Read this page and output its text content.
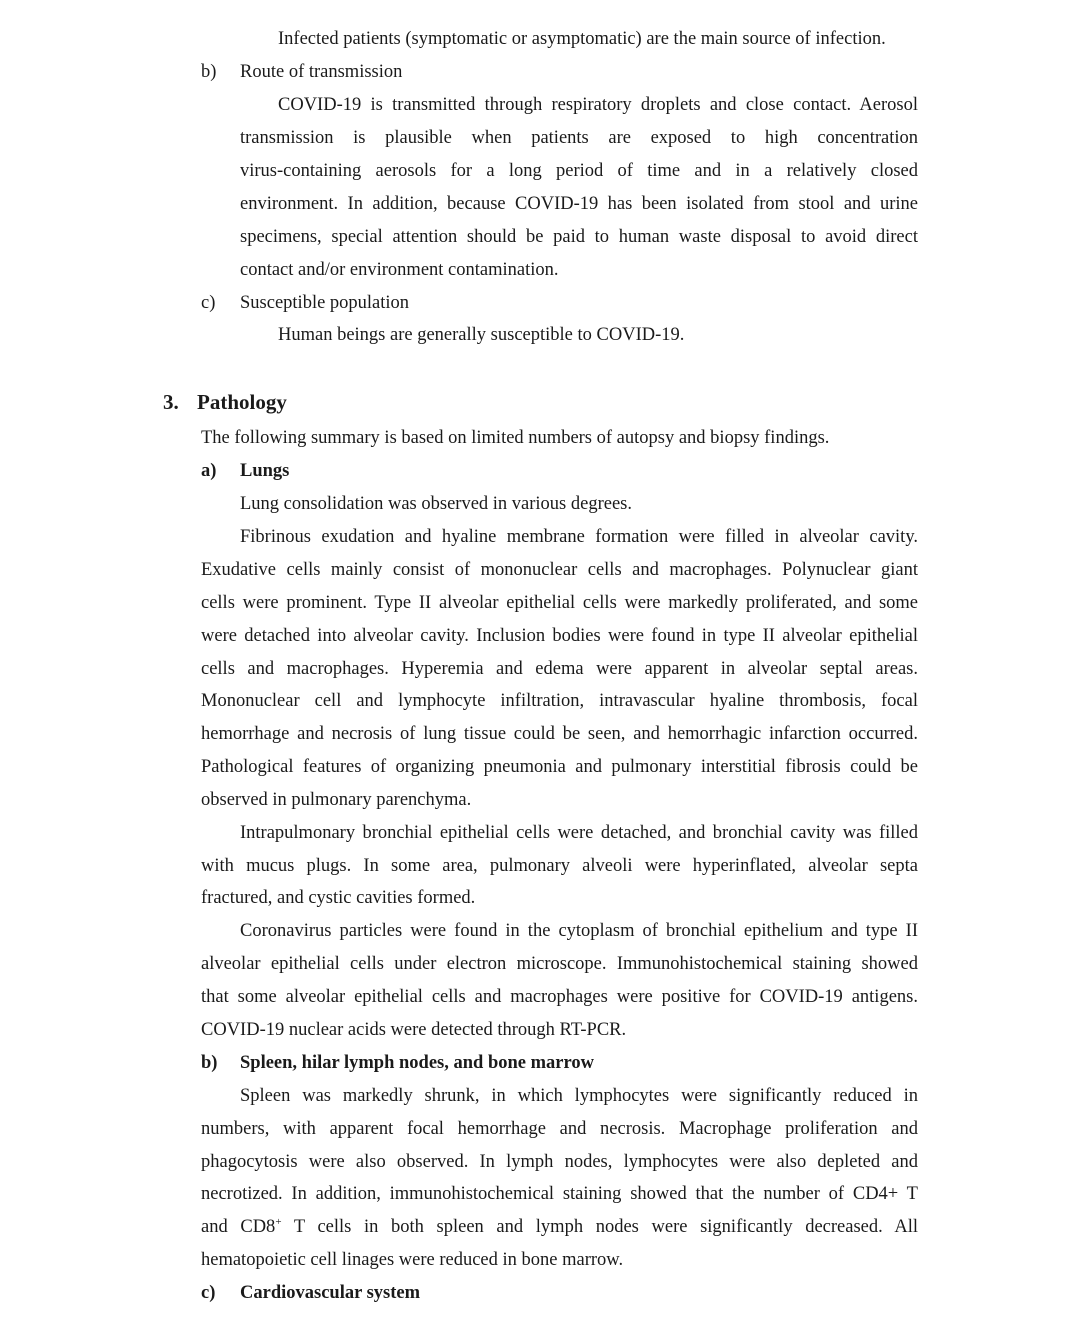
Infected patients (symptomatic or asymptomatic) are the main source of infection.
b) Route of transmission
COVID-19 is transmitted through respiratory droplets and close contact. Aerosol
transmission is plausible when patients are exposed to high concentration
virus-containing aerosols for a long period of time and in a relatively closed
environment. In addition, because COVID-19 has been isolated from stool and urine
specimens, special attention should be paid to human waste disposal to avoid direct
contact and/or environment contamination.
c) Susceptible population
Human beings are generally susceptible to COVID-19.
3. Pathology
The following summary is based on limited numbers of autopsy and biopsy findings.
a) Lungs
Lung consolidation was observed in various degrees.
Fibrinous exudation and hyaline membrane formation were filled in alveolar cavity.
Exudative cells mainly consist of mononuclear cells and macrophages. Polynuclear giant
cells were prominent. Type II alveolar epithelial cells were markedly proliferated, and some
were detached into alveolar cavity. Inclusion bodies were found in type II alveolar epithelial
cells and macrophages. Hyperemia and edema were apparent in alveolar septal areas.
Mononuclear cell and lymphocyte infiltration, intravascular hyaline thrombosis, focal
hemorrhage and necrosis of lung tissue could be seen, and hemorrhagic infarction occurred.
Pathological features of organizing pneumonia and pulmonary interstitial fibrosis could be
observed in pulmonary parenchyma.
Intrapulmonary bronchial epithelial cells were detached, and bronchial cavity was filled
with mucus plugs. In some area, pulmonary alveoli were hyperinflated, alveolar septa
fractured, and cystic cavities formed.
Coronavirus particles were found in the cytoplasm of bronchial epithelium and type II
alveolar epithelial cells under electron microscope. Immunohistochemical staining showed
that some alveolar epithelial cells and macrophages were positive for COVID-19 antigens.
COVID-19 nuclear acids were detected through RT-PCR.
b) Spleen, hilar lymph nodes, and bone marrow
Spleen was markedly shrunk, in which lymphocytes were significantly reduced in
numbers, with apparent focal hemorrhage and necrosis. Macrophage proliferation and
phagocytosis were also observed. In lymph nodes, lymphocytes were also depleted and
necrotized. In addition, immunohistochemical staining showed that the number of CD4+ T
and CD8+ T cells in both spleen and lymph nodes were significantly decreased. All
hematopoietic cell linages were reduced in bone marrow.
c) Cardiovascular system
